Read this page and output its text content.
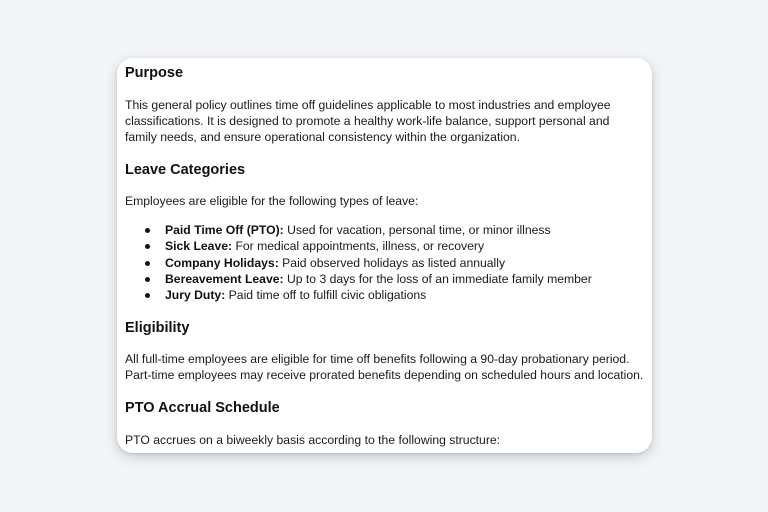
Purpose

This general policy outlines time off guidelines applicable to most industries and employee

classifications. It is designed to promote a healthy work-life balance, support personal and

family needs, and ensure operational consistency within the organization.

Leave Categories

Employees are eligible for the following types of leave:

Paid Time Off (PTO): Used for vacation, personal time, or minor illness
Sick Leave: For medical appointments, illness, or recovery
Company Holidays: Paid observed holidays as listed annually
Bereavement Leave: Up to 3 days for the loss of an immediate family member
Jury Duty: Paid time off to fulfill civic obligations
Eligibility

All full-time employees are eligible for time off benefits following a 90-day probationary period.

Part-time employees may receive prorated benefits depending on scheduled hours and location.

PTO Accrual Schedule

PTO accrues on a biweekly basis according to the following structure:
